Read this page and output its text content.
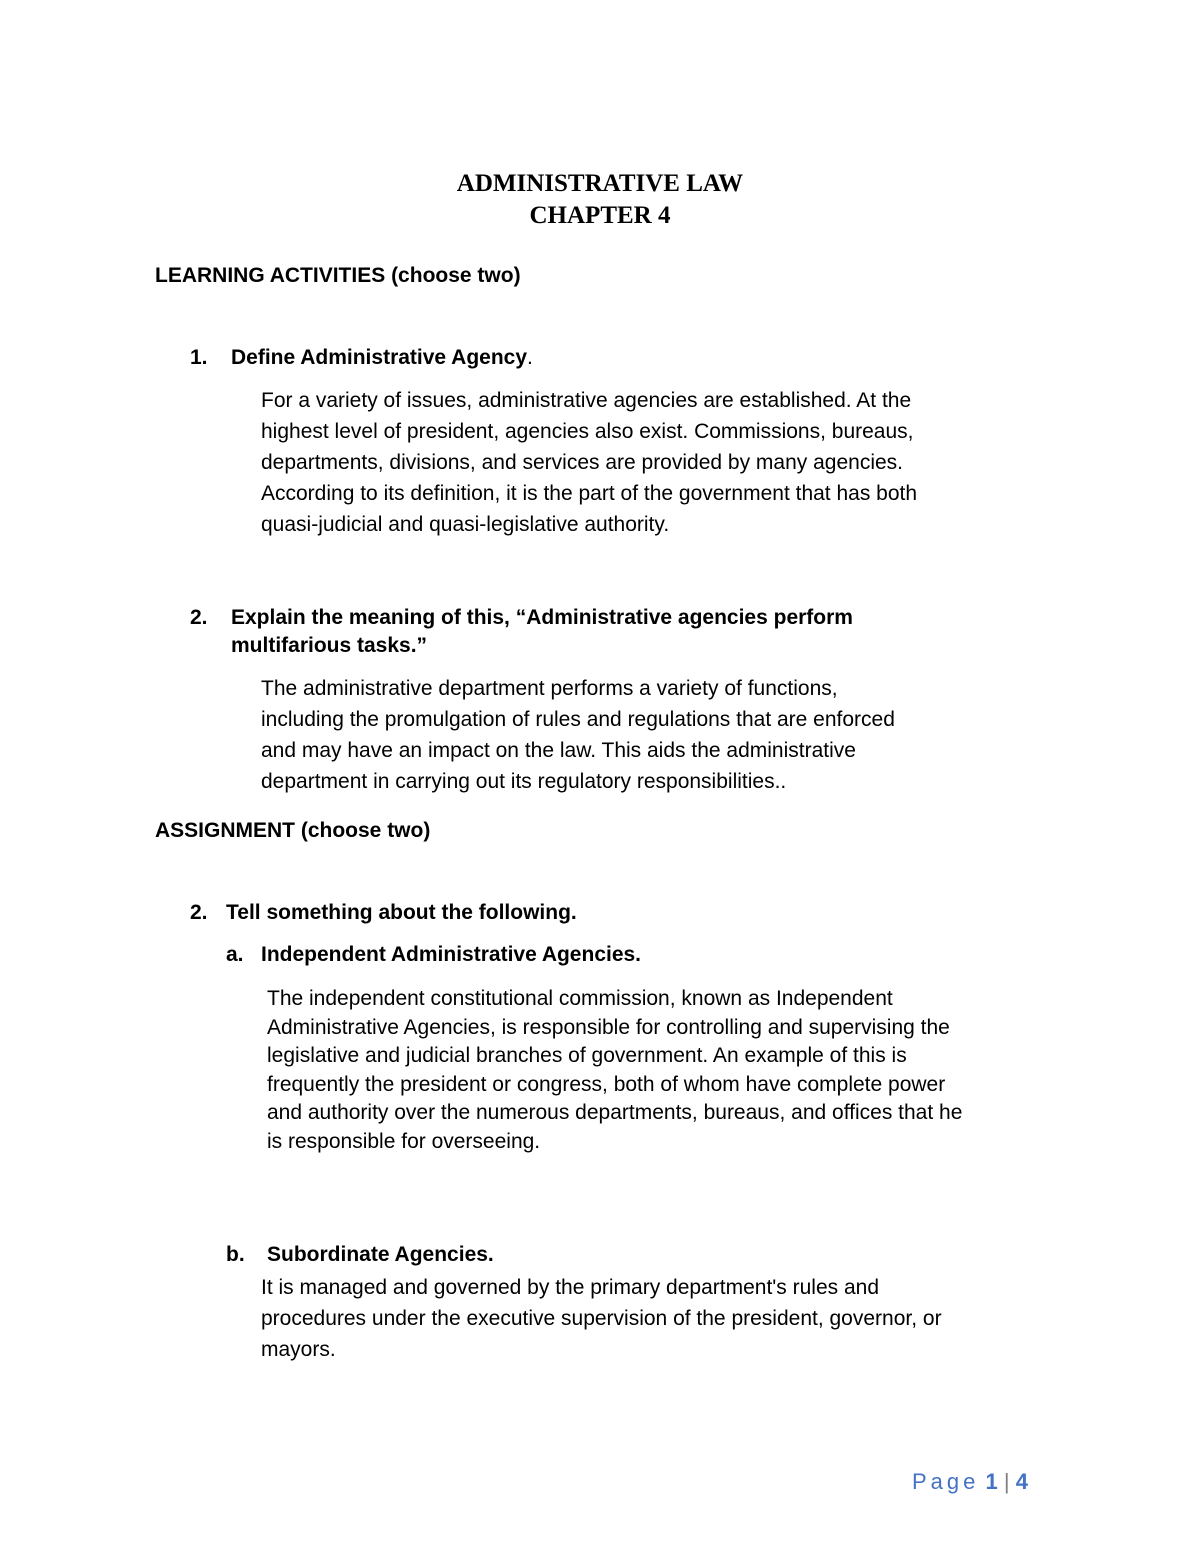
ADMINISTRATIVE LAW
CHAPTER 4
LEARNING ACTIVITIES (choose two)
1. Define Administrative Agency.
For a variety of issues, administrative agencies are established. At the
highest level of president, agencies also exist. Commissions, bureaus,
departments, divisions, and services are provided by many agencies.
According to its definition, it is the part of the government that has both
quasi-judicial and quasi-legislative authority.
2. Explain the meaning of this, “Administrative agencies perform
multifarious tasks.”
The administrative department performs a variety of functions,
including the promulgation of rules and regulations that are enforced
and may have an impact on the law. This aids the administrative
department in carrying out its regulatory responsibilities..
ASSIGNMENT (choose two)
2. Tell something about the following.
a. Independent Administrative Agencies.
The independent constitutional commission, known as Independent
Administrative Agencies, is responsible for controlling and supervising the
legislative and judicial branches of government. An example of this is
frequently the president or congress, both of whom have complete power
and authority over the numerous departments, bureaus, and offices that he
is responsible for overseeing.
b. Subordinate Agencies.
It is managed and governed by the primary department's rules and
procedures under the executive supervision of the president, governor, or
mayors.
Page 1 | 4
